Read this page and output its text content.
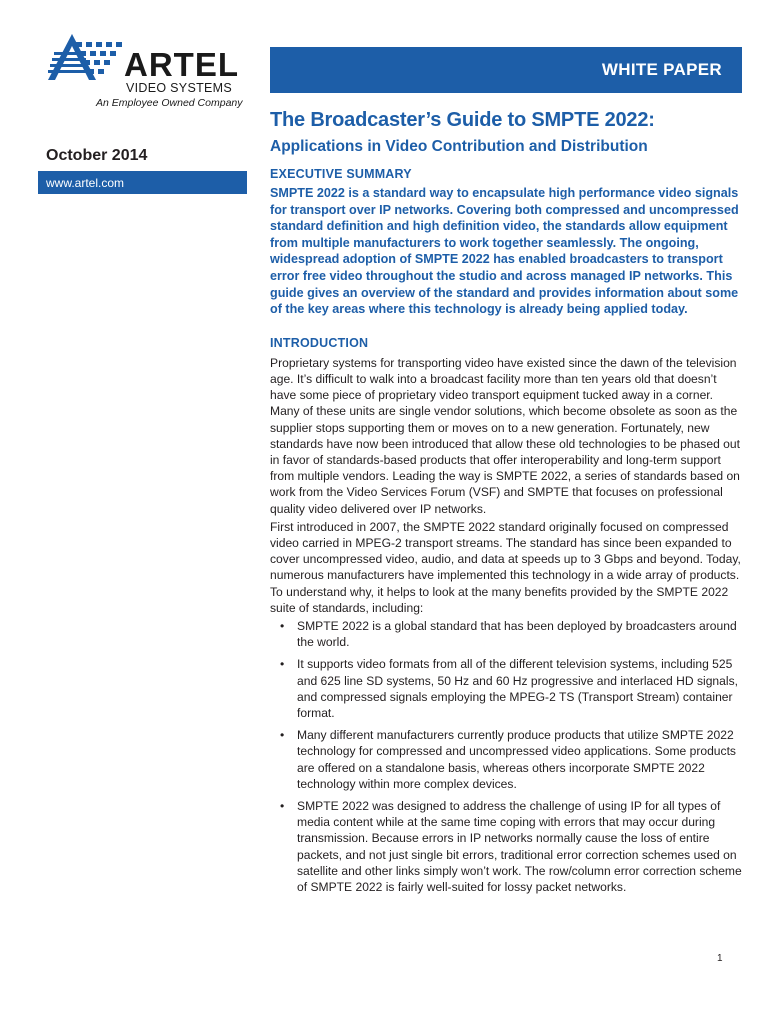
ARTEL
VIDEO SYSTEMS
An Employee Owned Company
WHITE PAPER
October 2014
www.artel.com
The Broadcaster’s Guide to SMPTE 2022:
Applications in Video Contribution and Distribution
EXECUTIVE SUMMARY

SMPTE 2022 is a standard way to encapsulate high performance video signals for transport over IP networks. Covering both compressed and uncompressed standard definition and high definition video, the standards allow equipment from multiple manufacturers to work together seamlessly. The ongoing, widespread adoption of SMPTE 2022 has enabled broadcasters to transport error free video throughout the studio and across managed IP networks. This guide gives an overview of the standard and provides information about some of the key areas where this technology is already being applied today.

INTRODUCTION

Proprietary systems for transporting video have existed since the dawn of the television age. It’s difficult to walk into a broadcast facility more than ten years old that doesn’t have some piece of proprietary video transport equipment tucked away in a corner. Many of these units are single vendor solutions, which become obsolete as soon as the supplier stops supporting them or moves on to a new generation. Fortunately, new standards have now been introduced that allow these old technologies to be phased out in favor of standards-based products that offer interoperability and long-term support from multiple vendors. Leading the way is SMPTE 2022, a series of standards based on work from the Video Services Forum (VSF) and SMPTE that focuses on professional quality video delivered over IP networks.

First introduced in 2007, the SMPTE 2022 standard originally focused on compressed video carried in MPEG-2 transport streams. The standard has since been expanded to cover uncompressed video, audio, and data at speeds up to 3 Gbps and beyond. Today, numerous manufacturers have implemented this technology in a wide array of products. To understand why, it helps to look at the many benefits provided by the SMPTE 2022 suite of standards, including:

• SMPTE 2022 is a global standard that has been deployed by broadcasters around the world.
• It supports video formats from all of the different television systems, including 525 and 625 line SD systems, 50 Hz and 60 Hz progressive and interlaced HD signals, and compressed signals employing the MPEG-2 TS (Transport Stream) container format.
• Many different manufacturers currently produce products that utilize SMPTE 2022 technology for compressed and uncompressed video applications. Some products are offered on a standalone basis, whereas others incorporate SMPTE 2022 technology within more complex devices.
• SMPTE 2022 was designed to address the challenge of using IP for all types of media content while at the same time coping with errors that may occur during transmission. Because errors in IP networks normally cause the loss of entire packets, and not just single bit errors, traditional error correction schemes used on satellite and other links simply won’t work. The row/column error correction scheme of SMPTE 2022 is fairly well-suited for lossy packet networks.
1
